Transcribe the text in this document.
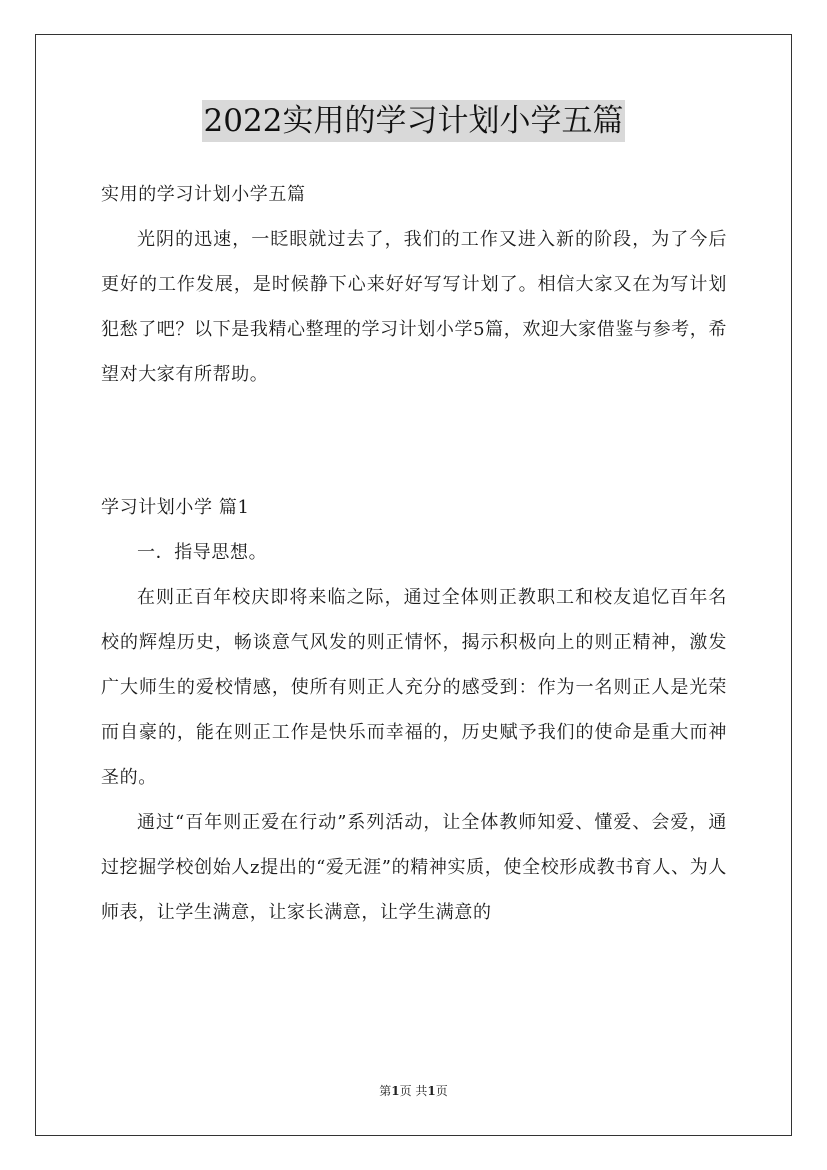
2022实用的学习计划小学五篇

实用的学习计划小学五篇

光阴的迅速，一眨眼就过去了，我们的工作又进入新的阶段，为了今后更好的工作发展，是时候静下心来好好写写计划了。相信大家又在为写计划犯愁了吧？以下是我精心整理的学习计划小学5篇，欢迎大家借鉴与参考，希望对大家有所帮助。

学习计划小学 篇1

一．指导思想。

在则正百年校庆即将来临之际，通过全体则正教职工和校友追忆百年名校的辉煌历史，畅谈意气风发的则正情怀，揭示积极向上的则正精神，激发广大师生的爱校情感，使所有则正人充分的感受到：作为一名则正人是光荣而自豪的，能在则正工作是快乐而幸福的，历史赋予我们的使命是重大而神圣的。

通过“百年则正爱在行动”系列活动，让全体教师知爱、懂爱、会爱，通过挖掘学校创始人z提出的“爱无涯”的精神实质，使全校形成教书育人、为人师表，让学生满意，让家长满意，让学生满意的

第1页 共1页
